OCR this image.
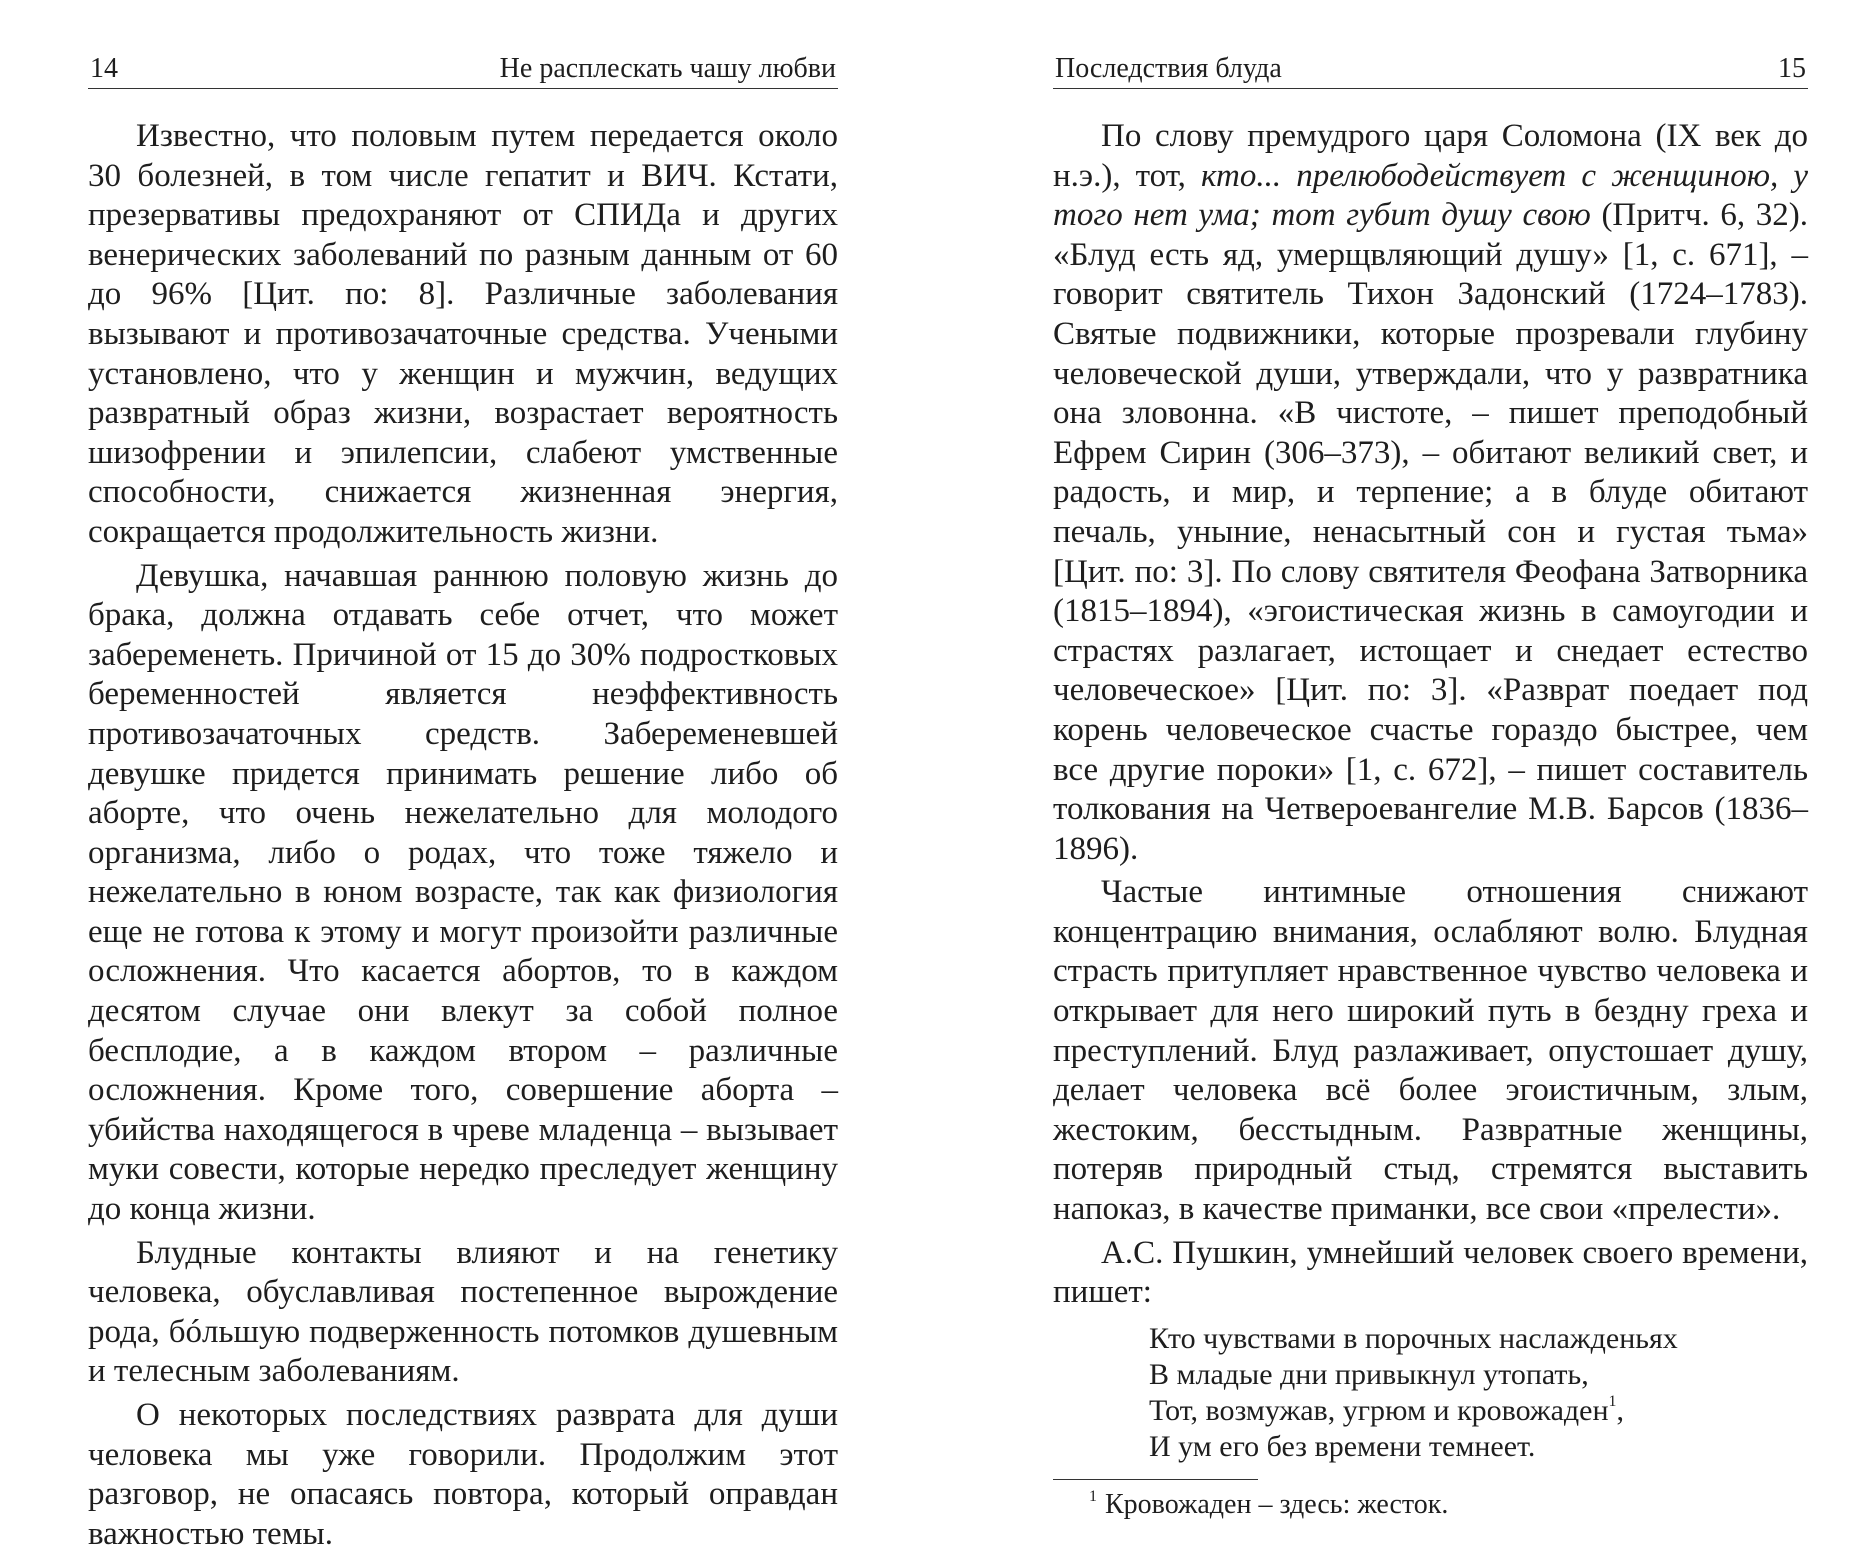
14	Не расплескать чашу любви

Известно, что половым путем передается около 30 болезней, в том числе гепатит и ВИЧ. Кстати, презервативы предохраняют от СПИДа и других венерических заболеваний по разным данным от 60 до 96% [Цит. по: 8]. Различные заболевания вызывают и противозачаточные средства. Учеными установлено, что у женщин и мужчин, ведущих развратный образ жизни, возрастает вероятность шизофрении и эпилепсии, слабеют умственные способности, снижается жизненная энергия, сокращается продолжительность жизни.

Девушка, начавшая раннюю половую жизнь до брака, должна отдавать себе отчет, что может забеременеть. Причиной от 15 до 30% подростковых беременностей является неэффективность противозачаточных средств. Забеременевшей девушке придется принимать решение либо об аборте, что очень нежелательно для молодого организма, либо о родах, что тоже тяжело и нежелательно в юном возрасте, так как физиология еще не готова к этому и могут произойти различные осложнения. Что касается абортов, то в каждом десятом случае они влекут за собой полное бесплодие, а в каждом втором – различные осложнения. Кроме того, совершение аборта – убийства находящегося в чреве младенца – вызывает муки совести, которые нередко преследует женщину до конца жизни.

Блудные контакты влияют и на генетику человека, обуславливая постепенное вырождение рода, бóльшую подверженность потомков душевным и телесным заболеваниям.

О некоторых последствиях разврата для души человека мы уже говорили. Продолжим этот разговор, не опасаясь повтора, который оправдан важностью темы.

Последствия блуда	15

По слову премудрого царя Соломона (IX век до н.э.), тот, кто... прелюбодействует с женщиною, у того нет ума; тот губит душу свою (Притч. 6, 32). «Блуд есть яд, умерщвляющий душу» [1, с. 671], – говорит святитель Тихон Задонский (1724–1783). Святые подвижники, которые прозревали глубину человеческой души, утверждали, что у развратника она зловонна. «В чистоте, – пишет преподобный Ефрем Сирин (306–373), – обитают великий свет, и радость, и мир, и терпение; а в блуде обитают печаль, уныние, ненасытный сон и густая тьма» [Цит. по: 3]. По слову святителя Феофана Затворника (1815–1894), «эгоистическая жизнь в самоугодии и страстях разлагает, истощает и снедает естество человеческое» [Цит. по: 3]. «Разврат поедает под корень человеческое счастье гораздо быстрее, чем все другие пороки» [1, с. 672], – пишет составитель толкования на Четвероевангелие М.В. Барсов (1836–1896).

Частые интимные отношения снижают концентрацию внимания, ослабляют волю. Блудная страсть притупляет нравственное чувство человека и открывает для него широкий путь в бездну греха и преступлений. Блуд разлаживает, опустошает душу, делает человека всё более эгоистичным, злым, жестоким, бесстыдным. Развратные женщины, потеряв природный стыд, стремятся выставить напоказ, в качестве приманки, все свои «прелести».

А.С. Пушкин, умнейший человек своего времени, пишет:

Кто чувствами в порочных наслажденьях
В младые дни привыкнул утопать,
Тот, возмужав, угрюм и кровожаден$^1$,
И ум его без времени темнеет.
$^1$ Кровожаден – здесь: жесток.
